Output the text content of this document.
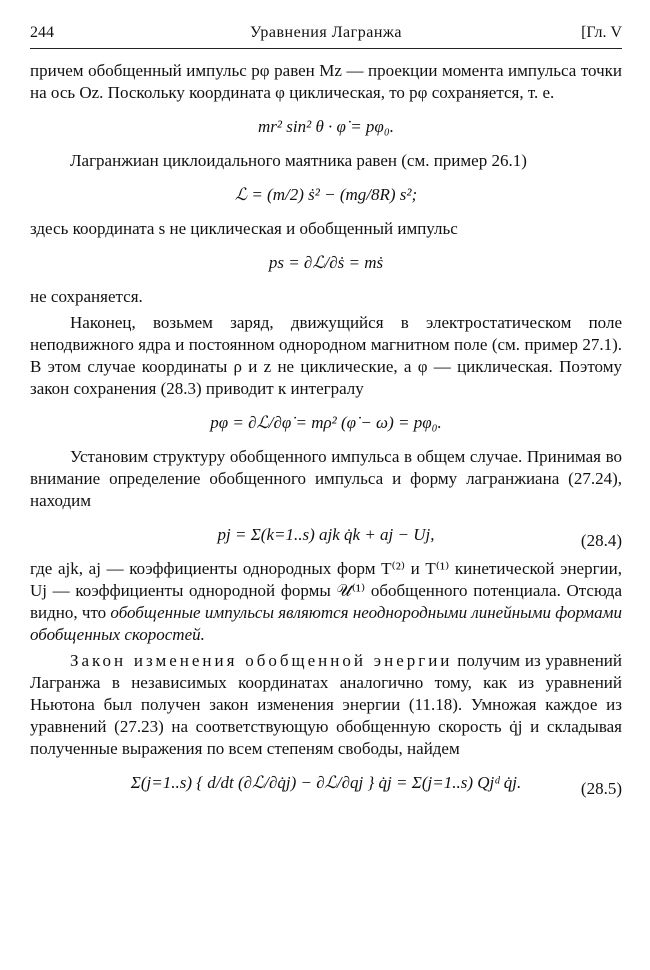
244	Уравнения Лагранжа	[Гл. V

причем обобщенный импульс pφ равен Mz — проекции момента импульса точки на ось Oz. Поскольку координата φ циклическая, то pφ сохраняется, т. е.

mr² sin² θ · φ̇ = pφ₀.

Лагранжиан циклоидального маятника равен (см. пример 26.1)

ℒ = (m/2) ṡ² − (mg/8R) s²;

здесь координата s не циклическая и обобщенный импульс

ps = ∂ℒ/∂ṡ = mṡ

не сохраняется.

Наконец, возьмем заряд, движущийся в электростатическом поле неподвижного ядра и постоянном однородном магнитном поле (см. пример 27.1). В этом случае координаты ρ и z не циклические, а φ — циклическая. Поэтому закон сохранения (28.3) приводит к интегралу

pφ = ∂ℒ/∂φ̇ = mρ² (φ̇ − ω) = pφ₀.

Установим структуру обобщенного импульса в общем случае. Принимая во внимание определение обобщенного импульса и форму лагранжиана (27.24), находим

pj = Σ(k=1..s) ajk q̇k + aj − Uj,	(28.4)

где ajk, aj — коэффициенты однородных форм T⁽²⁾ и T⁽¹⁾ кинетической энергии, Uj — коэффициенты однородной формы 𝒰⁽¹⁾ обобщенного потенциала. Отсюда видно, что обобщенные импульсы являются неоднородными линейными формами обобщенных скоростей.

Закон изменения обобщенной энергии получим из уравнений Лагранжа в независимых координатах аналогично тому, как из уравнений Ньютона был получен закон изменения энергии (11.18). Умножая каждое из уравнений (27.23) на соответствующую обобщенную скорость q̇j и складывая полученные выражения по всем степеням свободы, найдем

Σ(j=1..s) { d/dt (∂ℒ/∂q̇j) − ∂ℒ/∂qj } q̇j = Σ(j=1..s) Qjᵈ q̇j.	(28.5)
